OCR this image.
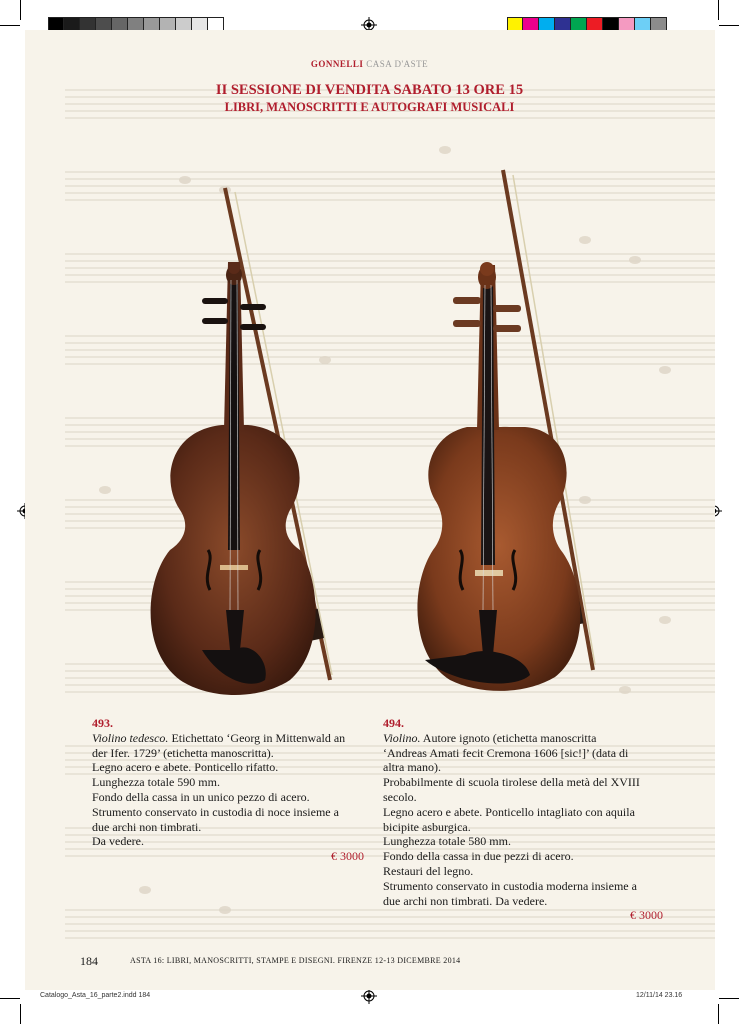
GONNELLI CASA D'ASTE
II SESSIONE DI VENDITA SABATO 13 ORE 15
LIBRI, MANOSCRITTI E AUTOGRAFI MUSICALI
493.
Violino tedesco. Etichettato ‘Georg in Mittenwald an
der Ifer. 1729’ (etichetta manoscritta).
Legno acero e abete. Ponticello rifatto.
Lunghezza totale 590 mm.
Fondo della cassa in un unico pezzo di acero.
Strumento conservato in custodia di noce insieme a
due archi non timbrati.
Da vedere.
€ 3000
494.
Violino. Autore ignoto (etichetta manoscritta
‘Andreas Amati fecit Cremona 1606 [sic!]’ (data di
altra mano).
Probabilmente di scuola tirolese della metà del XVIII
secolo.
Legno acero e abete. Ponticello intagliato con aquila
bicipite asburgica.
Lunghezza totale 580 mm.
Fondo della cassa in due pezzi di acero.
Restauri del legno.
Strumento conservato in custodia moderna insieme a
due archi non timbrati. Da vedere.
€ 3000
184	ASTA 16: LIBRI, MANOSCRITTI, STAMPE E DISEGNI. FIRENZE 12-13 DICEMBRE 2014
Catalogo_Asta_16_parte2.indd 184	12/11/14 23.16
